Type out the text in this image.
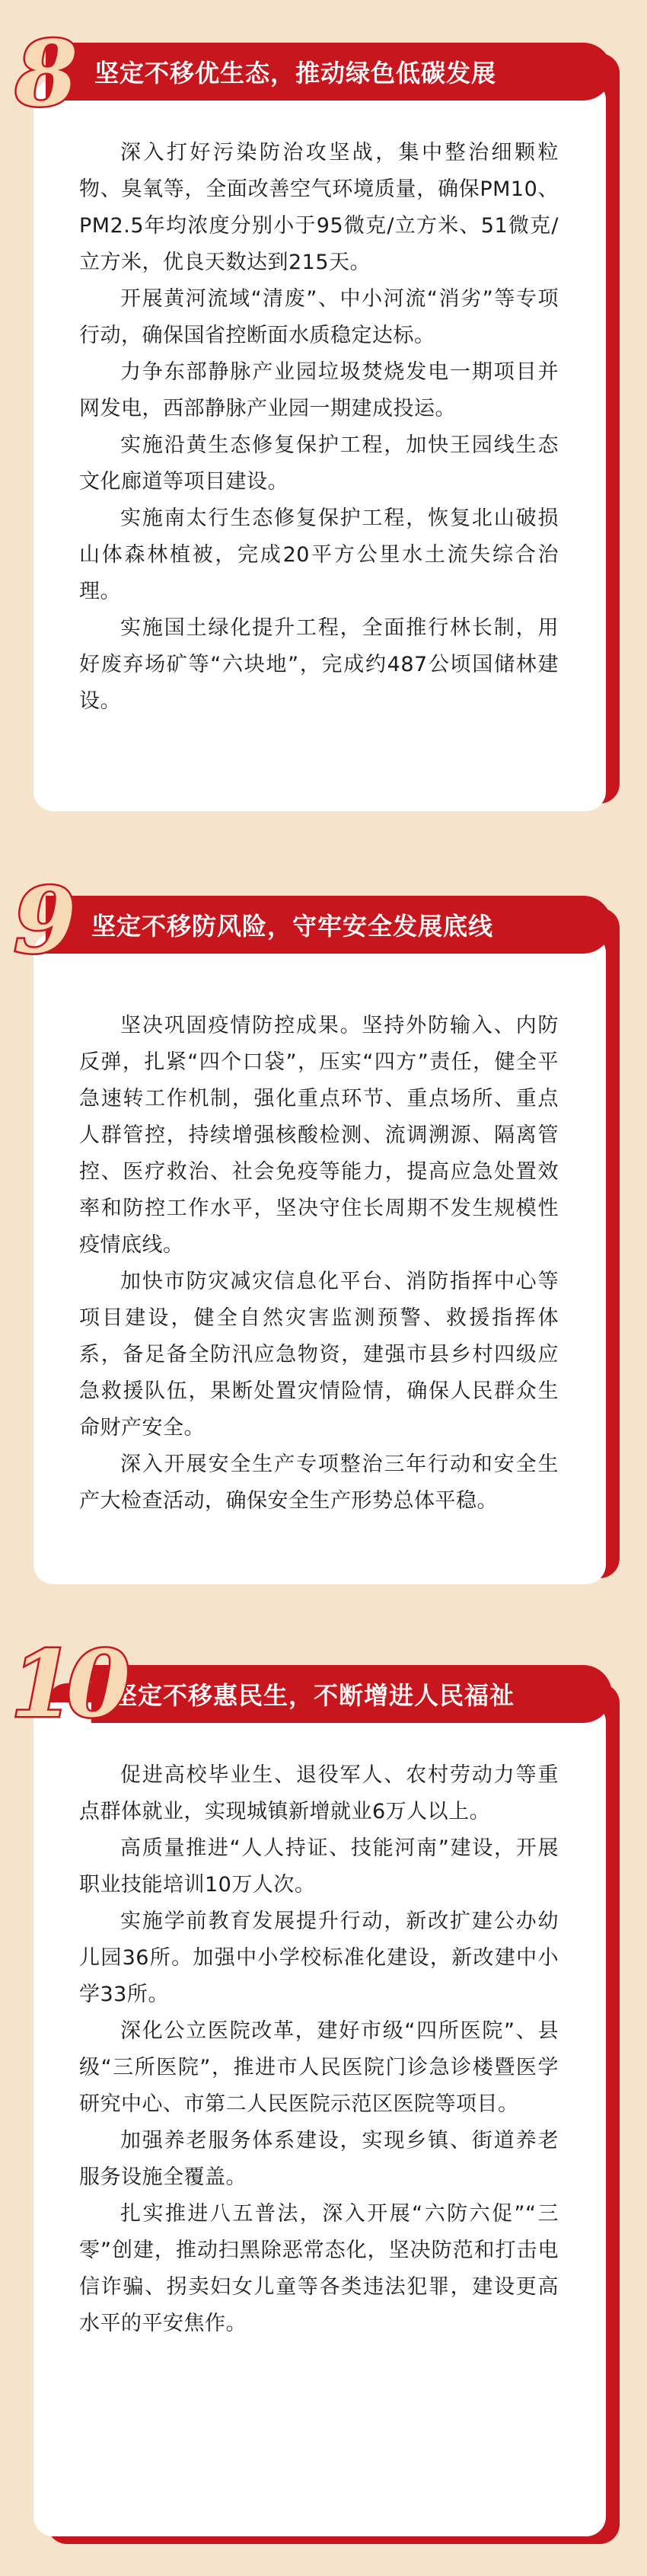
深入打好污染防治攻坚战，集中整治细颗粒物、臭氧等，全面改善空气环境质量，确保PM10、PM2.5年均浓度分别小于95微克/立方米、51微克/立方米，优良天数达到215天。

开展黄河流域“清废”、中小河流“消劣”等专项行动，确保国省控断面水质稳定达标。

力争东部静脉产业园垃圾焚烧发电一期项目并网发电，西部静脉产业园一期建成投运。

实施沿黄生态修复保护工程，加快王园线生态文化廊道等项目建设。

实施南太行生态修复保护工程，恢复北山破损山体森林植被，完成20平方公里水土流失综合治理。

实施国土绿化提升工程，全面推行林长制，用好废弃场矿等“六块地”，完成约487公顷国储林建设。

坚定不移优生态，推动绿色低碳发展
8

坚决巩固疫情防控成果。坚持外防输入、内防反弹，扎紧“四个口袋”，压实“四方”责任，健全平急速转工作机制，强化重点环节、重点场所、重点人群管控，持续增强核酸检测、流调溯源、隔离管控、医疗救治、社会免疫等能力，提高应急处置效率和防控工作水平，坚决守住长周期不发生规模性疫情底线。

加快市防灾减灾信息化平台、消防指挥中心等项目建设，健全自然灾害监测预警、救援指挥体系，备足备全防汛应急物资，建强市县乡村四级应急救援队伍，果断处置灾情险情，确保人民群众生命财产安全。

深入开展安全生产专项整治三年行动和安全生产大检查活动，确保安全生产形势总体平稳。

坚定不移防风险，守牢安全发展底线
9

促进高校毕业生、退役军人、农村劳动力等重点群体就业，实现城镇新增就业6万人以上。

高质量推进“人人持证、技能河南”建设，开展职业技能培训10万人次。

实施学前教育发展提升行动，新改扩建公办幼儿园36所。加强中小学校标准化建设，新改建中小学33所。

深化公立医院改革，建好市级“四所医院”、县级“三所医院”，推进市人民医院门诊急诊楼暨医学研究中心、市第二人民医院示范区医院等项目。

加强养老服务体系建设，实现乡镇、街道养老服务设施全覆盖。

扎实推进八五普法，深入开展“六防六促”“三零”创建，推动扫黑除恶常态化，坚决防范和打击电信诈骗、拐卖妇女儿童等各类违法犯罪，建设更高水平的平安焦作。

坚定不移惠民生，不断增进人民福祉
10
